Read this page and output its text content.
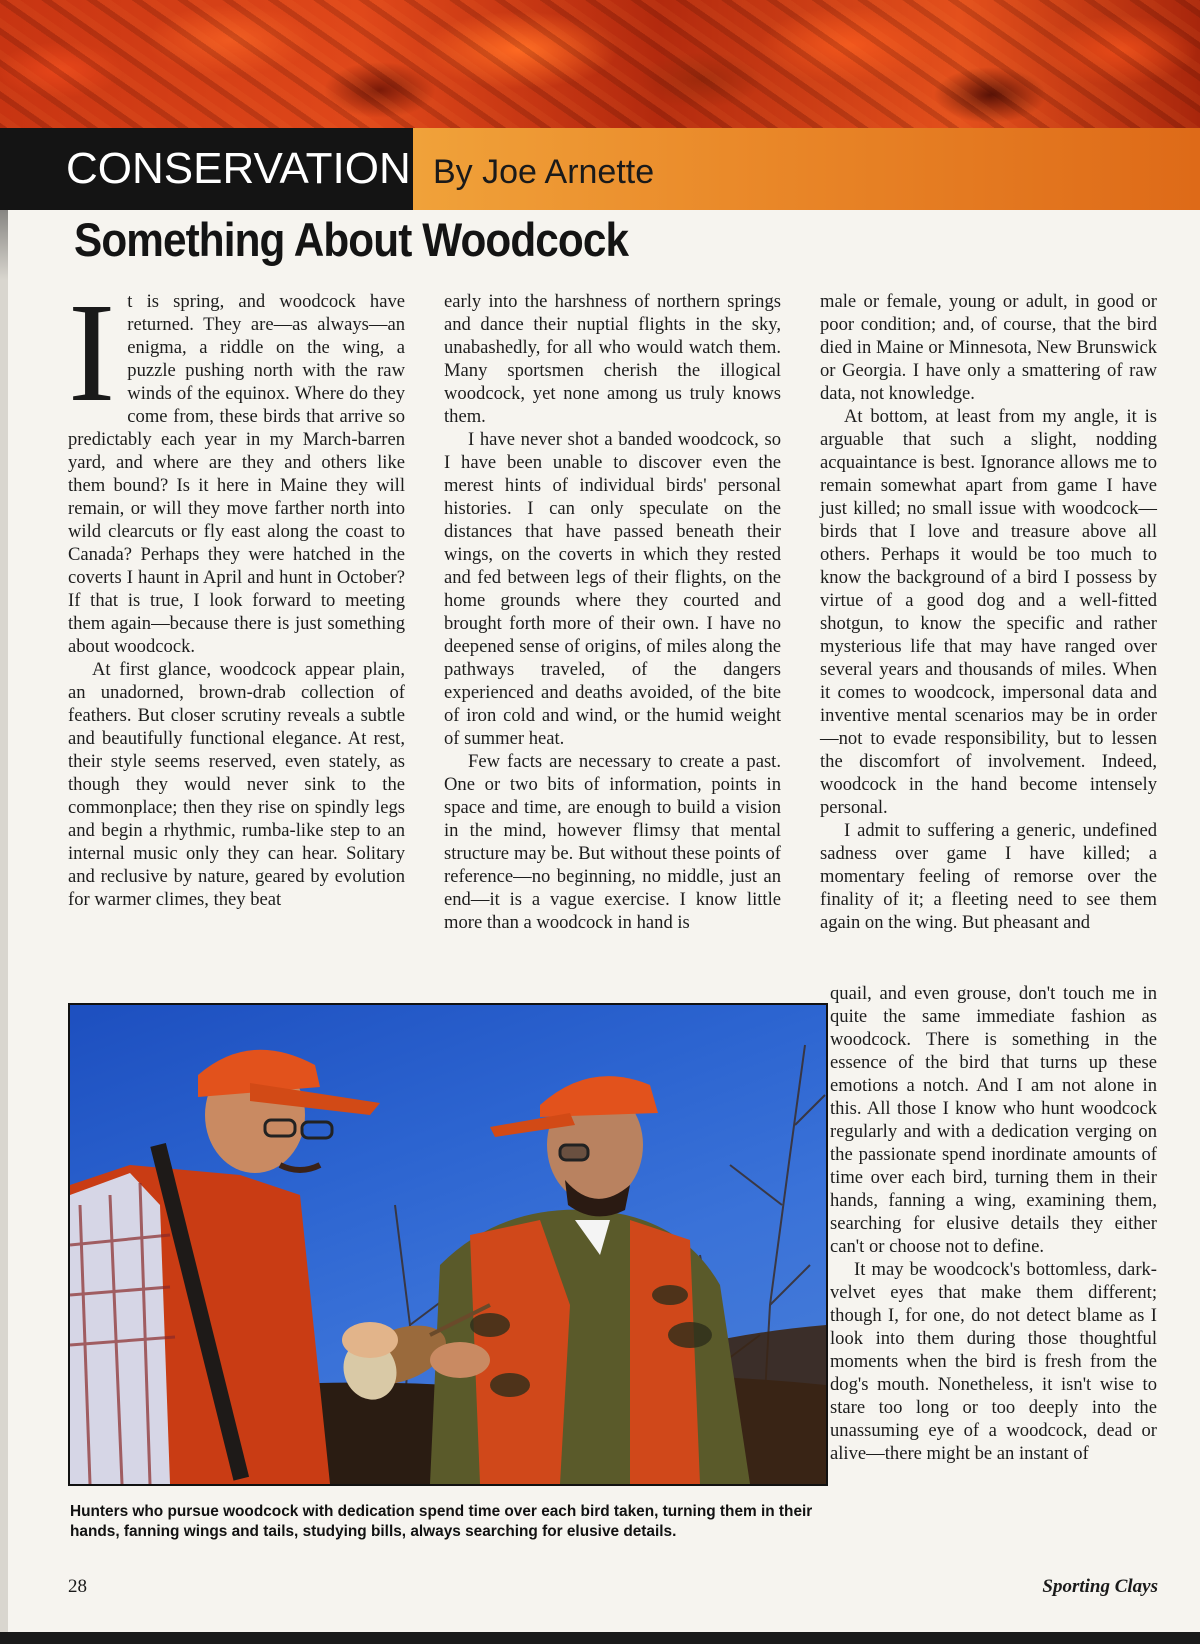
CONSERVATION By Joe Arnette
Something About Woodcock
I t is spring, and woodcock have returned. They are—as always—an enigma, a riddle on the wing, a puzzle pushing north with the raw winds of the equinox. Where do they come from, these birds that arrive so predictably each year in my March-barren yard, and where are they and others like them bound? Is it here in Maine they will remain, or will they move farther north into wild clearcuts or fly east along the coast to Canada? Perhaps they were hatched in the coverts I haunt in April and hunt in October? If that is true, I look forward to meeting them again—because there is just something about woodcock.

At first glance, woodcock appear plain, an unadorned, brown-drab collection of feathers. But closer scrutiny reveals a subtle and beautifully functional elegance. At rest, their style seems reserved, even stately, as though they would never sink to the commonplace; then they rise on spindly legs and begin a rhythmic, rumba-like step to an internal music only they can hear. Solitary and reclusive by nature, geared by evolution for warmer climes, they beat

early into the harshness of northern springs and dance their nuptial flights in the sky, unabashedly, for all who would watch them. Many sportsmen cherish the illogical woodcock, yet none among us truly knows them.

I have never shot a banded woodcock, so I have been unable to discover even the merest hints of individual birds' personal histories. I can only speculate on the distances that have passed beneath their wings, on the coverts in which they rested and fed between legs of their flights, on the home grounds where they courted and brought forth more of their own. I have no deepened sense of origins, of miles along the pathways traveled, of the dangers experienced and deaths avoided, of the bite of iron cold and wind, or the humid weight of summer heat.

Few facts are necessary to create a past. One or two bits of information, points in space and time, are enough to build a vision in the mind, however flimsy that mental structure may be. But without these points of reference—no beginning, no middle, just an end—it is a vague exercise. I know little more than a woodcock in hand is

male or female, young or adult, in good or poor condition; and, of course, that the bird died in Maine or Minnesota, New Brunswick or Georgia. I have only a smattering of raw data, not knowledge.

At bottom, at least from my angle, it is arguable that such a slight, nodding acquaintance is best. Ignorance allows me to remain somewhat apart from game I have just killed; no small issue with woodcock—birds that I love and treasure above all others. Perhaps it would be too much to know the background of a bird I possess by virtue of a good dog and a well-fitted shotgun, to know the specific and rather mysterious life that may have ranged over several years and thousands of miles. When it comes to woodcock, impersonal data and inventive mental scenarios may be in order—not to evade responsibility, but to lessen the discomfort of involvement. Indeed, woodcock in the hand become intensely personal.

I admit to suffering a generic, undefined sadness over game I have killed; a momentary feeling of remorse over the finality of it; a fleeting need to see them again on the wing. But pheasant and

quail, and even grouse, don't touch me in quite the same immediate fashion as woodcock. There is something in the essence of the bird that turns up these emotions a notch. And I am not alone in this. All those I know who hunt woodcock regularly and with a dedication verging on the passionate spend inordinate amounts of time over each bird, turning them in their hands, fanning a wing, examining them, searching for elusive details they either can't or choose not to define.

It may be woodcock's bottomless, dark-velvet eyes that make them different; though I, for one, do not detect blame as I look into them during those thoughtful moments when the bird is fresh from the dog's mouth. Nonetheless, it isn't wise to stare too long or too deeply into the unassuming eye of a woodcock, dead or alive—there might be an instant of

Hunters who pursue woodcock with dedication spend time over each bird taken, turning them in their hands, fanning wings and tails, studying bills, always searching for elusive details.

28	Sporting Clays
